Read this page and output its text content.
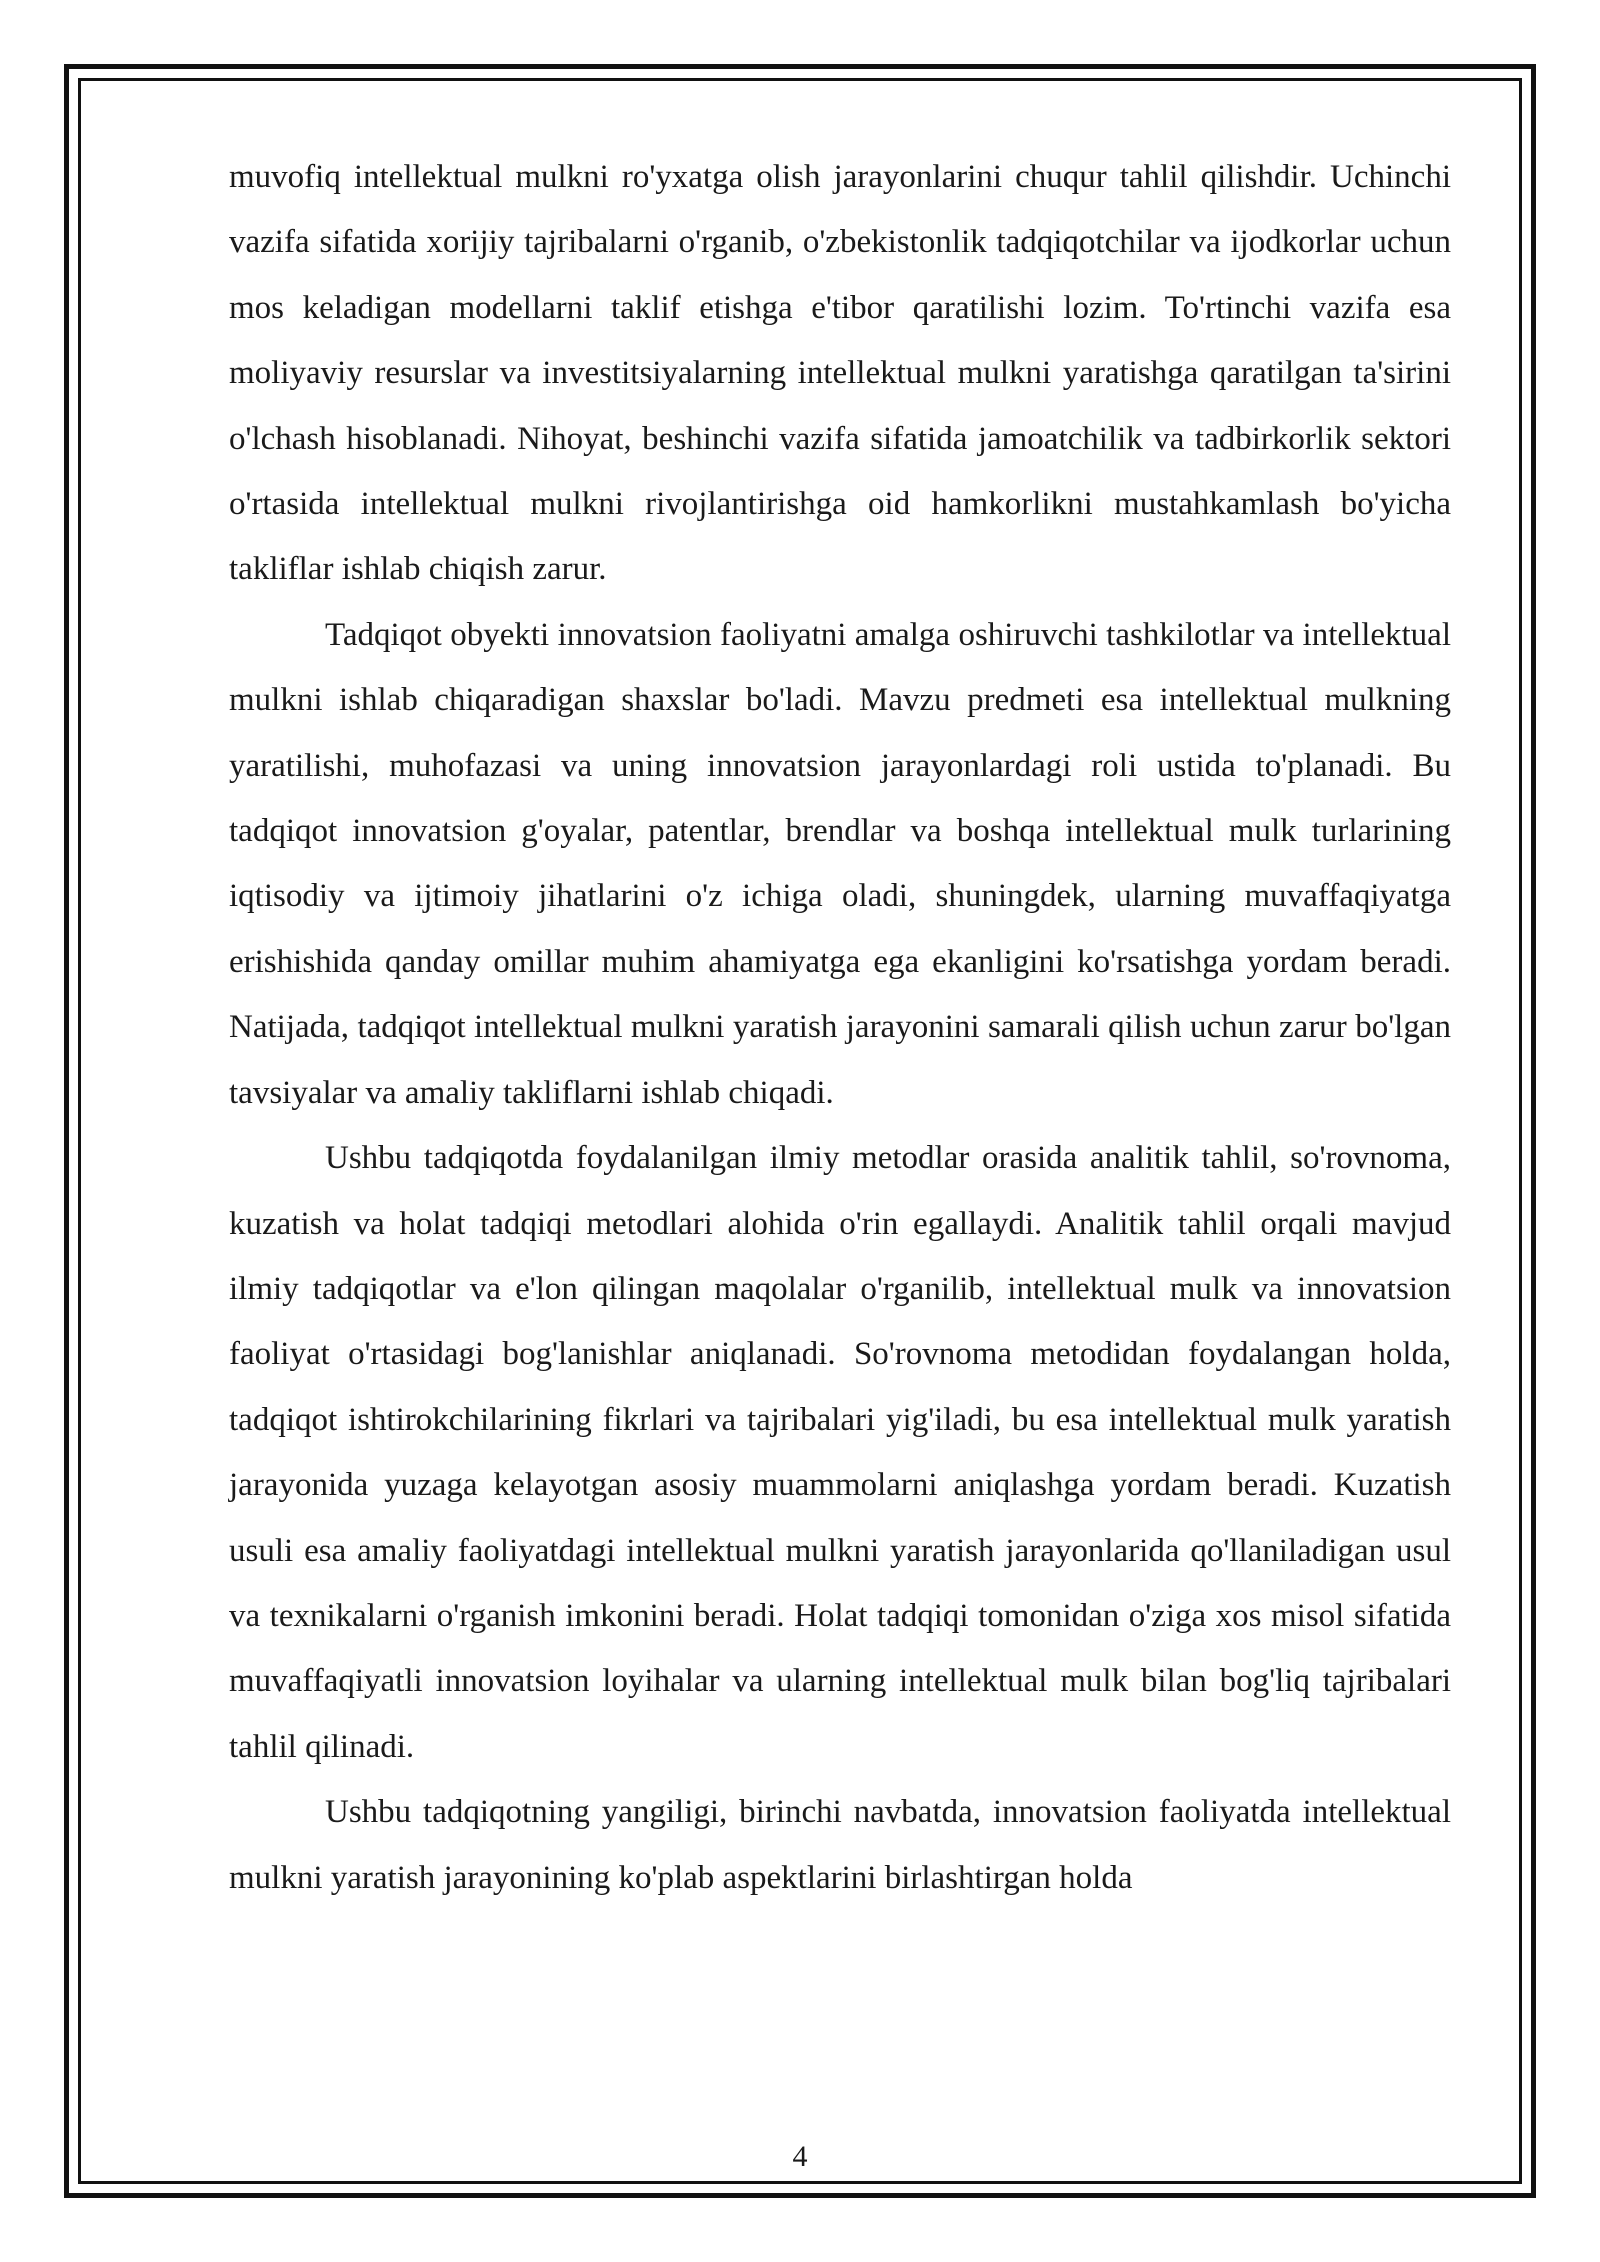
muvofiq intellektual mulkni ro'yxatga olish jarayonlarini chuqur tahlil qilishdir. Uchinchi vazifa sifatida xorijiy tajribalarni o'rganib, o'zbekistonlik tadqiqotchilar va ijodkorlar uchun mos keladigan modellarni taklif etishga e'tibor qaratilishi lozim. To'rtinchi vazifa esa moliyaviy resurslar va investitsiyalarning intellektual mulkni yaratishga qaratilgan ta'sirini o'lchash hisoblanadi. Nihoyat, beshinchi vazifa sifatida jamoatchilik va tadbirkorlik sektori o'rtasida intellektual mulkni rivojlantirishga oid hamkorlikni mustahkamlash bo'yicha takliflar ishlab chiqish zarur.

Tadqiqot obyekti innovatsion faoliyatni amalga oshiruvchi tashkilotlar va intellektual mulkni ishlab chiqaradigan shaxslar bo'ladi. Mavzu predmeti esa intellektual mulkning yaratilishi, muhofazasi va uning innovatsion jarayonlardagi roli ustida to'planadi. Bu tadqiqot innovatsion g'oyalar, patentlar, brendlar va boshqa intellektual mulk turlarining iqtisodiy va ijtimoiy jihatlarini o'z ichiga oladi, shuningdek, ularning muvaffaqiyatga erishishida qanday omillar muhim ahamiyatga ega ekanligini ko'rsatishga yordam beradi. Natijada, tadqiqot intellektual mulkni yaratish jarayonini samarali qilish uchun zarur bo'lgan tavsiyalar va amaliy takliflarni ishlab chiqadi.

Ushbu tadqiqotda foydalanilgan ilmiy metodlar orasida analitik tahlil, so'rovnoma, kuzatish va holat tadqiqi metodlari alohida o'rin egallaydi. Analitik tahlil orqali mavjud ilmiy tadqiqotlar va e'lon qilingan maqolalar o'rganilib, intellektual mulk va innovatsion faoliyat o'rtasidagi bog'lanishlar aniqlanadi. So'rovnoma metodidan foydalangan holda, tadqiqot ishtirokchilarining fikrlari va tajribalari yig'iladi, bu esa intellektual mulk yaratish jarayonida yuzaga kelayotgan asosiy muammolarni aniqlashga yordam beradi. Kuzatish usuli esa amaliy faoliyatdagi intellektual mulkni yaratish jarayonlarida qo'llaniladigan usul va texnikalarni o'rganish imkonini beradi. Holat tadqiqi tomonidan o'ziga xos misol sifatida muvaffaqiyatli innovatsion loyihalar va ularning intellektual mulk bilan bog'liq tajribalari tahlil qilinadi.

Ushbu tadqiqotning yangiligi, birinchi navbatda, innovatsion faoliyatda intellektual mulkni yaratish jarayonining ko'plab aspektlarini birlashtirgan holda

4
